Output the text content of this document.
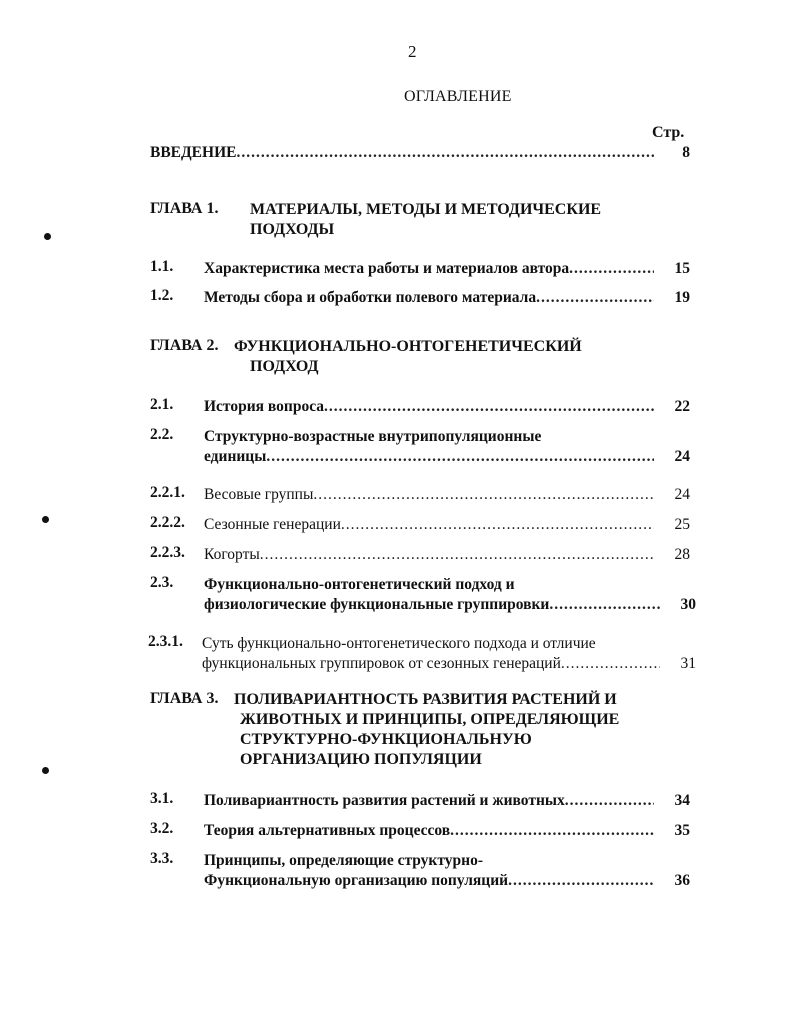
2
ОГЛАВЛЕНИЕ
Стр.
ВВЕДЕНИЕ .....	8
ГЛАВА 1. МАТЕРИАЛЫ, МЕТОДЫ И МЕТОДИЧЕСКИЕ
ПОДХОДЫ
1.1. Характеристика места работы и материалов автора .....	15
1.2. Методы сбора и обработки полевого материала .....	19
ГЛАВА 2. ФУНКЦИОНАЛЬНО-ОНТОГЕНЕТИЧЕСКИЙ
ПОДХОД
2.1. История вопроса .....	22
2.2. Структурно-возрастные внутрипопуляционные
единицы .....	24
2.2.1. Весовые группы .....	24
2.2.2. Сезонные генерации .....	25
2.2.3. Когорты .....	28
2.3. Функционально-онтогенетический подход и
физиологические функциональные группировки .....	30
2.3.1. Суть функционально-онтогенетического подхода и отличие
функциональных группировок от сезонных генераций .....	31
ГЛАВА 3. ПОЛИВАРИАНТНОСТЬ РАЗВИТИЯ РАСТЕНИЙ И
ЖИВОТНЫХ И ПРИНЦИПЫ, ОПРЕДЕЛЯЮЩИЕ
СТРУКТУРНО-ФУНКЦИОНАЛЬНУЮ
ОРГАНИЗАЦИЮ ПОПУЛЯЦИИ
3.1. Поливариантность развития растений и животных .....	34
3.2. Теория альтернативных процессов .....	35
3.3. Принципы, определяющие структурно-
Функциональную организацию популяций .....	36
